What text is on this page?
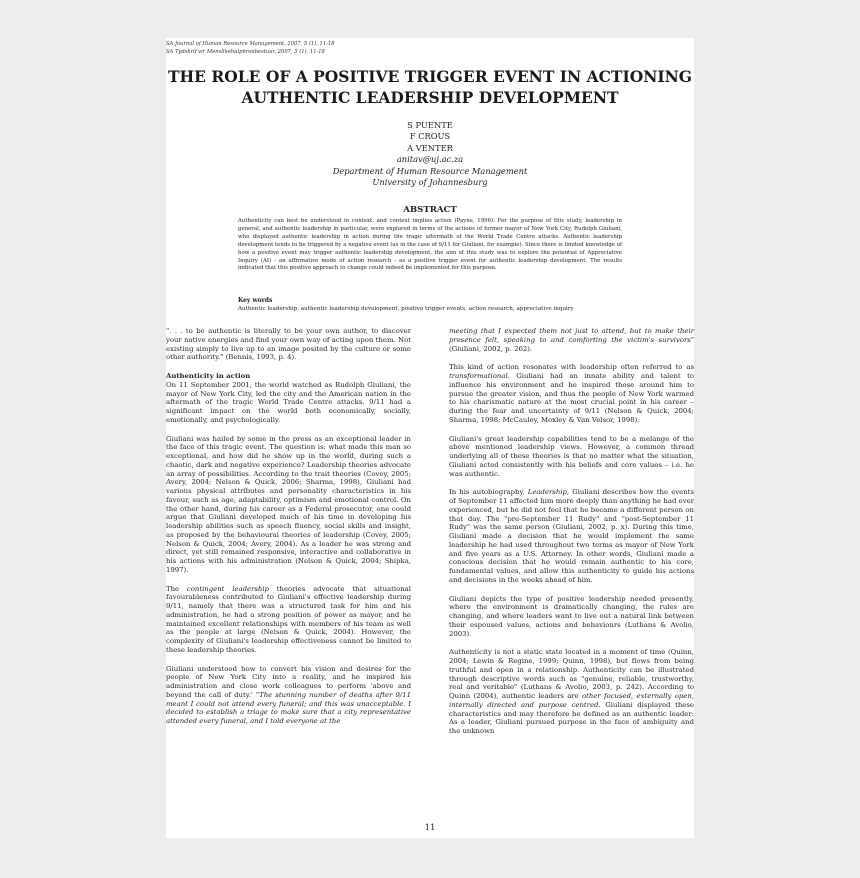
SA Journal of Human Resource Management, 2007, 5 (1), 11-18
SA Tydskrif vir Menslikehulpbronbestuur, 2007, 5 (1), 11-18
THE ROLE OF A POSITIVE TRIGGER EVENT IN ACTIONING
AUTHENTIC LEADERSHIP DEVELOPMENT
S PUENTE
F CROUS
A VENTER
anitav@uj.ac.za
Department of Human Resource Management
University of Johannesburg
ABSTRACT
Authenticity can best be understood in context, and context implies action (Payne, 1996). For the purpose of this study, leadership in general, and authentic leadership in particular, were explored in terms of the actions of former mayor of New York City, Rudolph Giuliani, who displayed authentic leadership in action during the tragic aftermath of the World Trade Centre attacks. Authentic leadership development tends to be triggered by a negative event (as in the case of 9/11 for Giuliani, for example). Since there is limited knowledge of how a positive event may trigger authentic leadership development, the aim of this study was to explore the potential of Appreciative Inquiry (AI) - an affirmative mode of action research - as a positive trigger event for authentic leadership development. The results indicated that this positive approach to change could indeed be implemented for this purpose.
Key words
Authentic leadership, authentic leadership development, positive trigger events, action research, appreciative inquiry

". . . to be authentic is literally to be your own author, to discover your native energies and find your own way of acting upon them. Not existing simply to live up to an image posited by the culture or some other authority." (Bennis, 1993, p. 4).

Authenticity in action

On 11 September 2001, the world watched as Rudolph Giuliani, the mayor of New York City, led the city and the American nation in the aftermath of the tragic World Trade Centre attacks. 9/11 had a significant impact on the world both economically, socially, emotionally, and psychologically.

Giuliani was hailed by some in the press as an exceptional leader in the face of this tragic event. The question is: what made this man so exceptional, and how did he show up in the world, during such a chaotic, dark and negative experience? Leadership theories advocate an array of possibilities. According to the trait theories (Covey, 2005; Avery, 2004; Nelson & Quick, 2006; Sharma, 1998), Giuliani had various physical attributes and personality characteristics in his favour, such as age, adaptability, optimism and emotional control. On the other hand, during his career as a Federal prosecutor, one could argue that Giuliani developed much of his time in developing his leadership abilities such as speech fluency, social skills and insight, as proposed by the behavioural theories of leadership (Covey, 2005; Nelson & Quick, 2004; Avery, 2004). As a leader he was strong and direct, yet still remained responsive, interactive and collaborative in his actions with his administration (Nelson & Quick, 2004; Shipka, 1997).

The contingent leadership theories advocate that situational favourableness contributed to Giuliani's effective leadership during 9/11, namely that there was a structured task for him and his administration, he had a strong position of power as mayor, and he maintained excellent relationships with members of his team as well as the people at large (Nelson & Quick, 2004). However, the complexity of Giuliani's leadership effectiveness cannot be limited to these leadership theories.

Giuliani understood how to convert his vision and desires for the people of New York City into a reality, and he inspired his administration and close work colleagues to perform 'above and beyond the call of duty.' "The stunning number of deaths after 9/11 meant I could not attend every funeral; and this was unacceptable. I decided to establish a triage to make sure that a city representative attended every funeral, and I told everyone at the

meeting that I expected them not just to attend, but to make their presence felt, speaking to and comforting the victim's survivors" (Giuliani, 2002, p. 262).

This kind of action resonates with leadership often referred to as transformational. Giuliani had an innate ability and talent to influence his environment and he inspired those around him to pursue the greater vision, and thus the people of New York warmed to his charismatic nature at the most crucial point in his career – during the fear and uncertainty of 9/11 (Nelson & Quick, 2004; Sharma, 1998; McCauley, Moxley & Van Velsor, 1998).

Giuliani's great leadership capabilities tend to be a melange of the above mentioned leadership views. However, a common thread underlying all of these theories is that no matter what the situation, Giuliani acted consistently with his beliefs and core values – i.e. he was authentic.

In his autobiography, Leadership, Giuliani describes how the events of September 11 affected him more deeply than anything he had ever experienced, but he did not feel that he became a different person on that day. The "pre-September 11 Rudy" and "post-September 11 Rudy" was the same person (Giuliani, 2002, p. x). During this time, Giuliani made a decision that he would implement the same leadership he had used throughout two terms as mayor of New York and five years as a U.S. Attorney. In other words, Giuliani made a conscious decision that he would remain authentic to his core, fundamental values, and allow this authenticity to guide his actions and decisions in the weeks ahead of him.

Giuliani depicts the type of positive leadership needed presently, where the environment is dramatically changing, the rules are changing, and where leaders want to live out a natural link between their espoused values, actions and behaviours (Luthans & Avolio, 2003).

Authenticity is not a static state located in a moment of time (Quinn, 2004; Lewin & Regine, 1999; Quinn, 1998), but flows from being truthful and open in a relationship. Authenticity can be illustrated through descriptive words such as "genuine, reliable, trustworthy, real and veritable" (Luthans & Avolio, 2003, p. 242). According to Quinn (2004), authentic leaders are other focused, externally open, internally directed and purpose centred. Giuliani displayed these characteristics and may therefore be defined as an authentic leader: As a leader, Giuliani pursued purpose in the face of ambiguity and the unknown

11
